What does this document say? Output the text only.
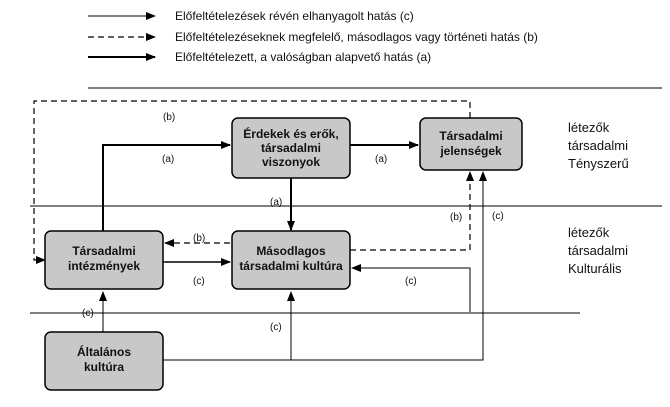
Előfeltételezések révén elhanyagolt hatás (c)
Előfeltételezéseknek megfelelő, másodlagos vagy történeti hatás (b)
Előfeltételezett, a valóságban alapvető hatás (a)
(b)
(a)	(a)
(a)
(b)	(c)
(b)
(c)	(c)
(c)
(c)
Érdekek és erők,
társadalmi
viszonyok
Társadalmi
jelenségek
Társadalmi
intézmények
Másodlagos
társadalmi kultúra
Általános
kultúra
létezők
társadalmi
Tényszerű
létezők
társadalmi
Kulturális
